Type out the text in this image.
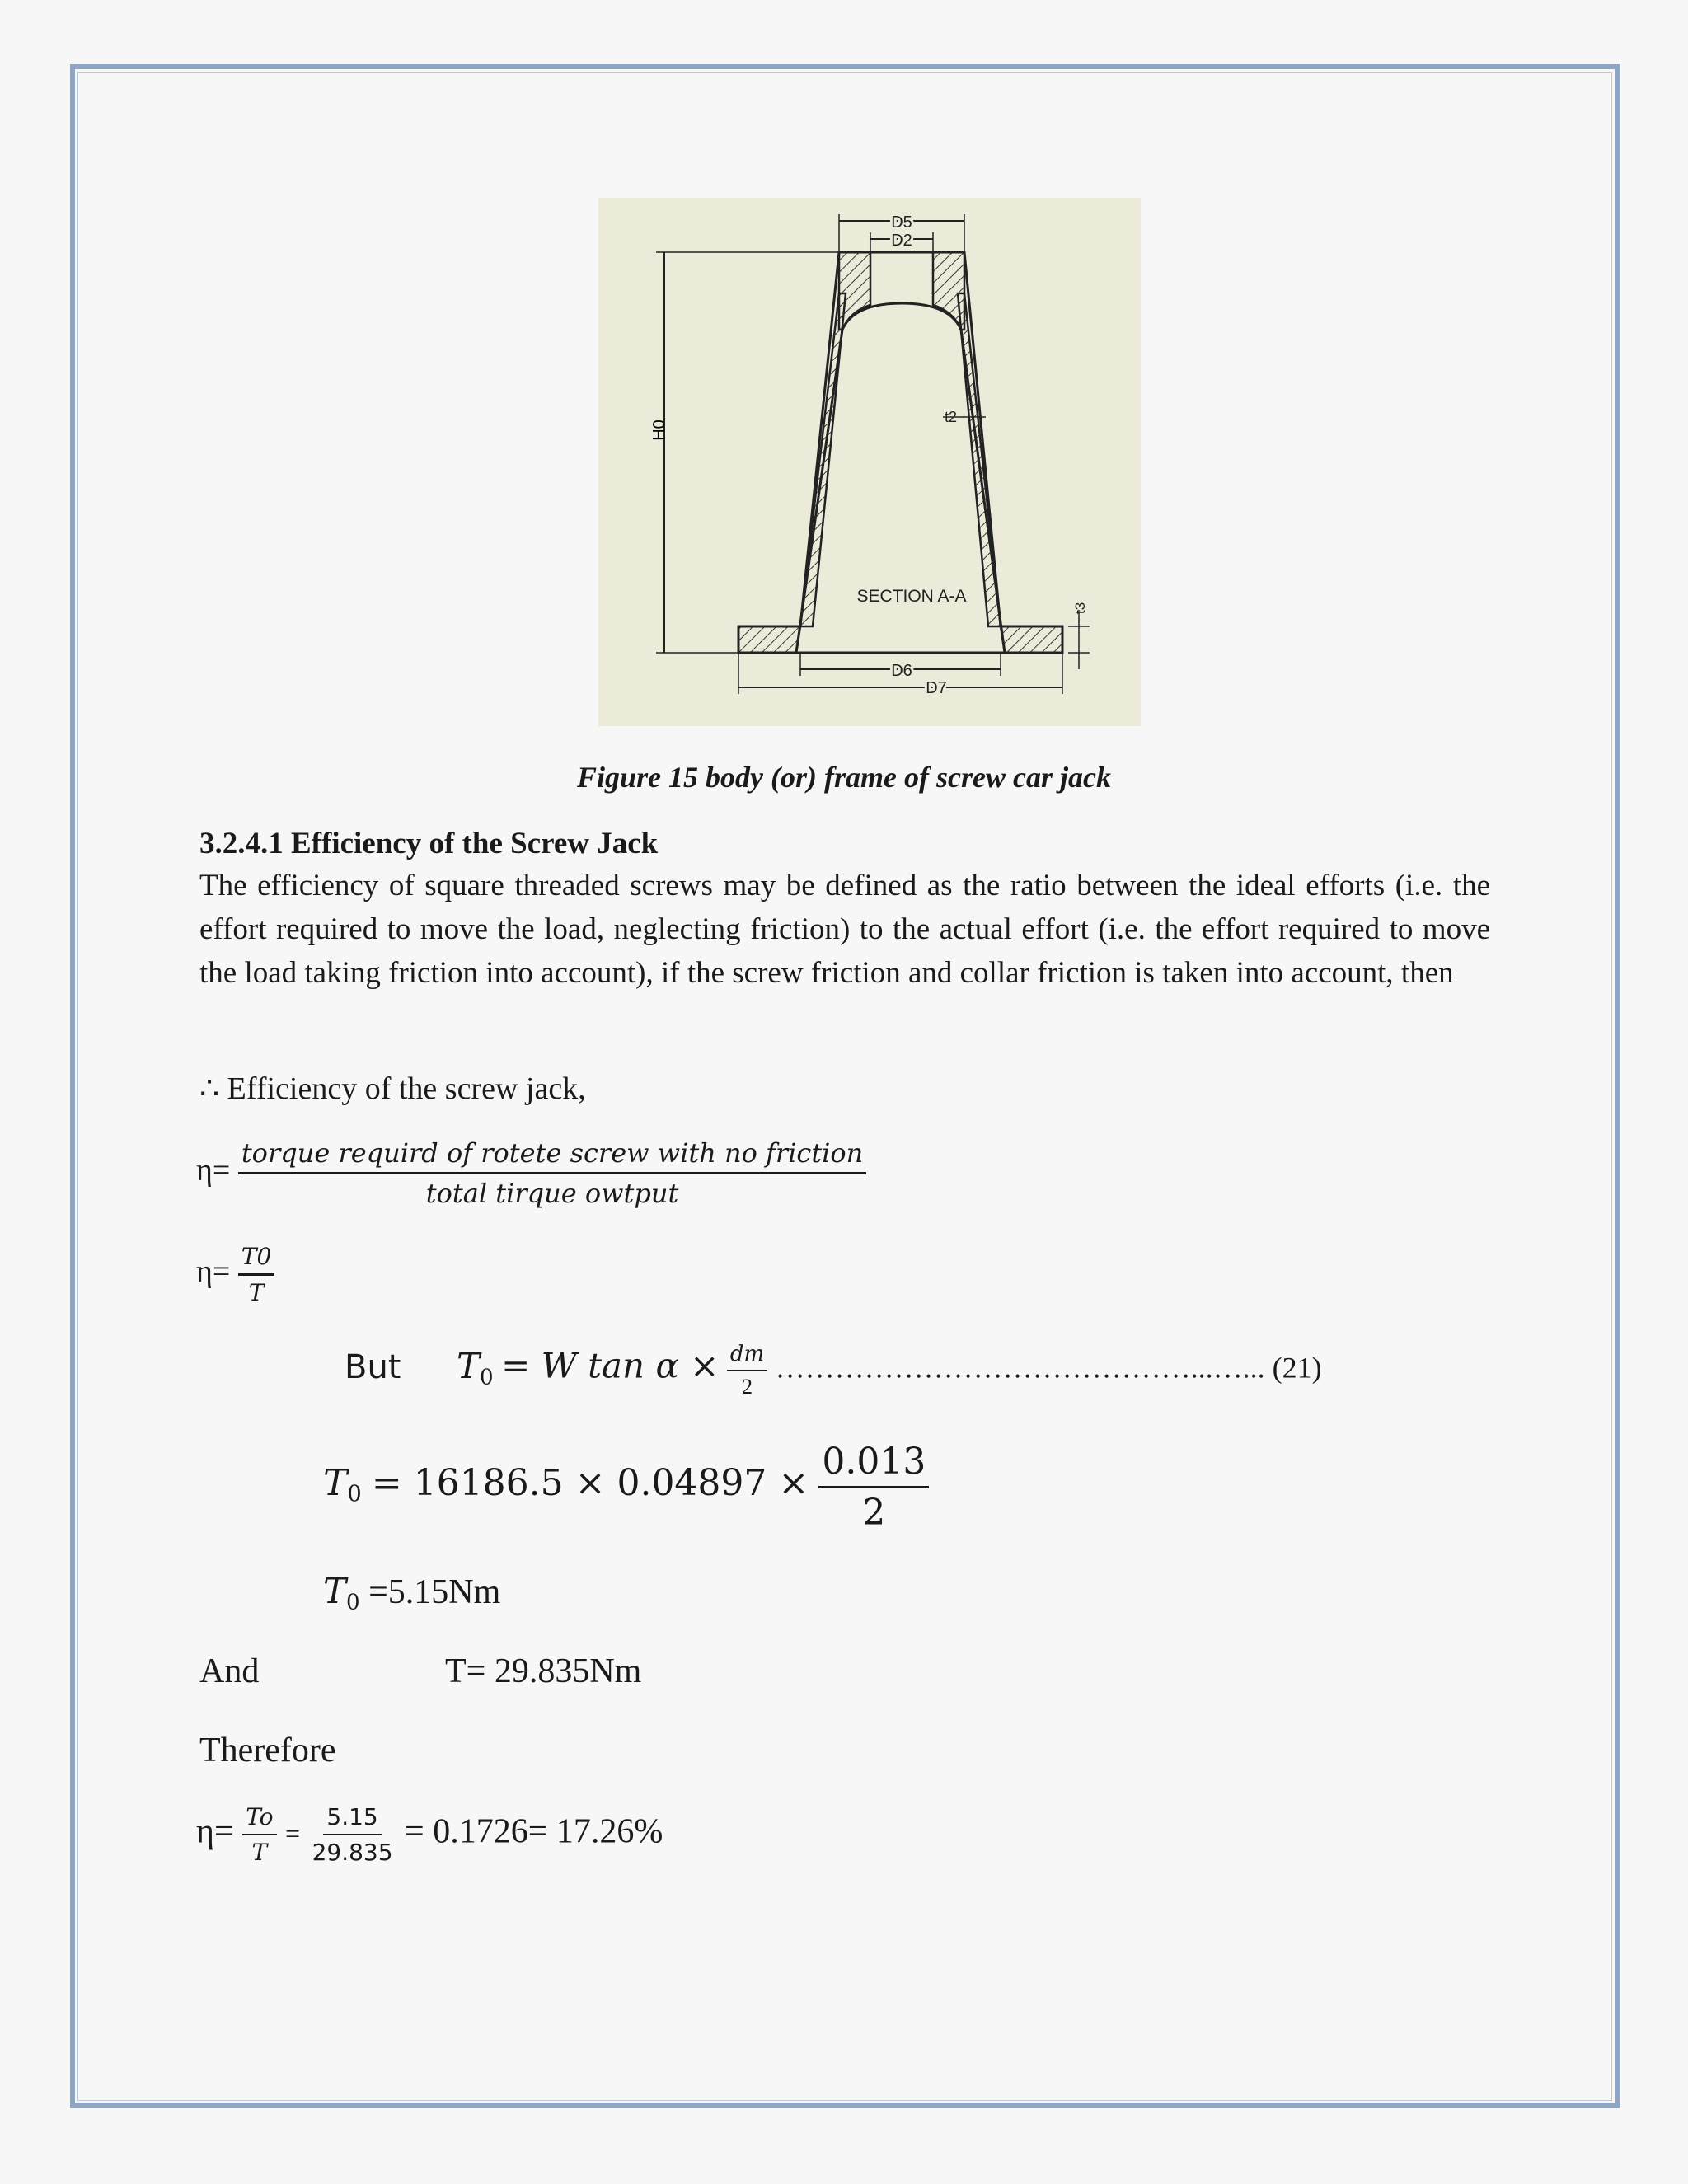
H0
D5
D2
t2
SECTION A-A
t3
D6
D7
Figure 15 body (or) frame of screw car jack
3.2.4.1 Efficiency of the Screw Jack
The efficiency of square threaded screws may be defined as the ratio between the ideal efforts (i.e. the effort required to move the load, neglecting friction) to the actual effort (i.e. the effort required to move the load taking friction into account), if the screw friction and collar friction is taken into account, then
∴ Efficiency of the screw jack,
$\eta= \frac{\text{torque requird of rotete screw with no friction}}{\text{total tirque owtput}}$
$\eta= \frac{T0}{T}$
But $T_0 = W$ $\tan \alpha \times \frac{dm}{2}$ ……………………………………...…... (21)
$T_0 = 16186.5 \times 0.04897 \times \frac{0.013}{2}$
$T_0 =5.15Nm$
And	T= 29.835Nm
Therefore
$\eta= \frac{To}{T} = \frac{5.15}{29.835} = 0.1726= 17.26\%$
